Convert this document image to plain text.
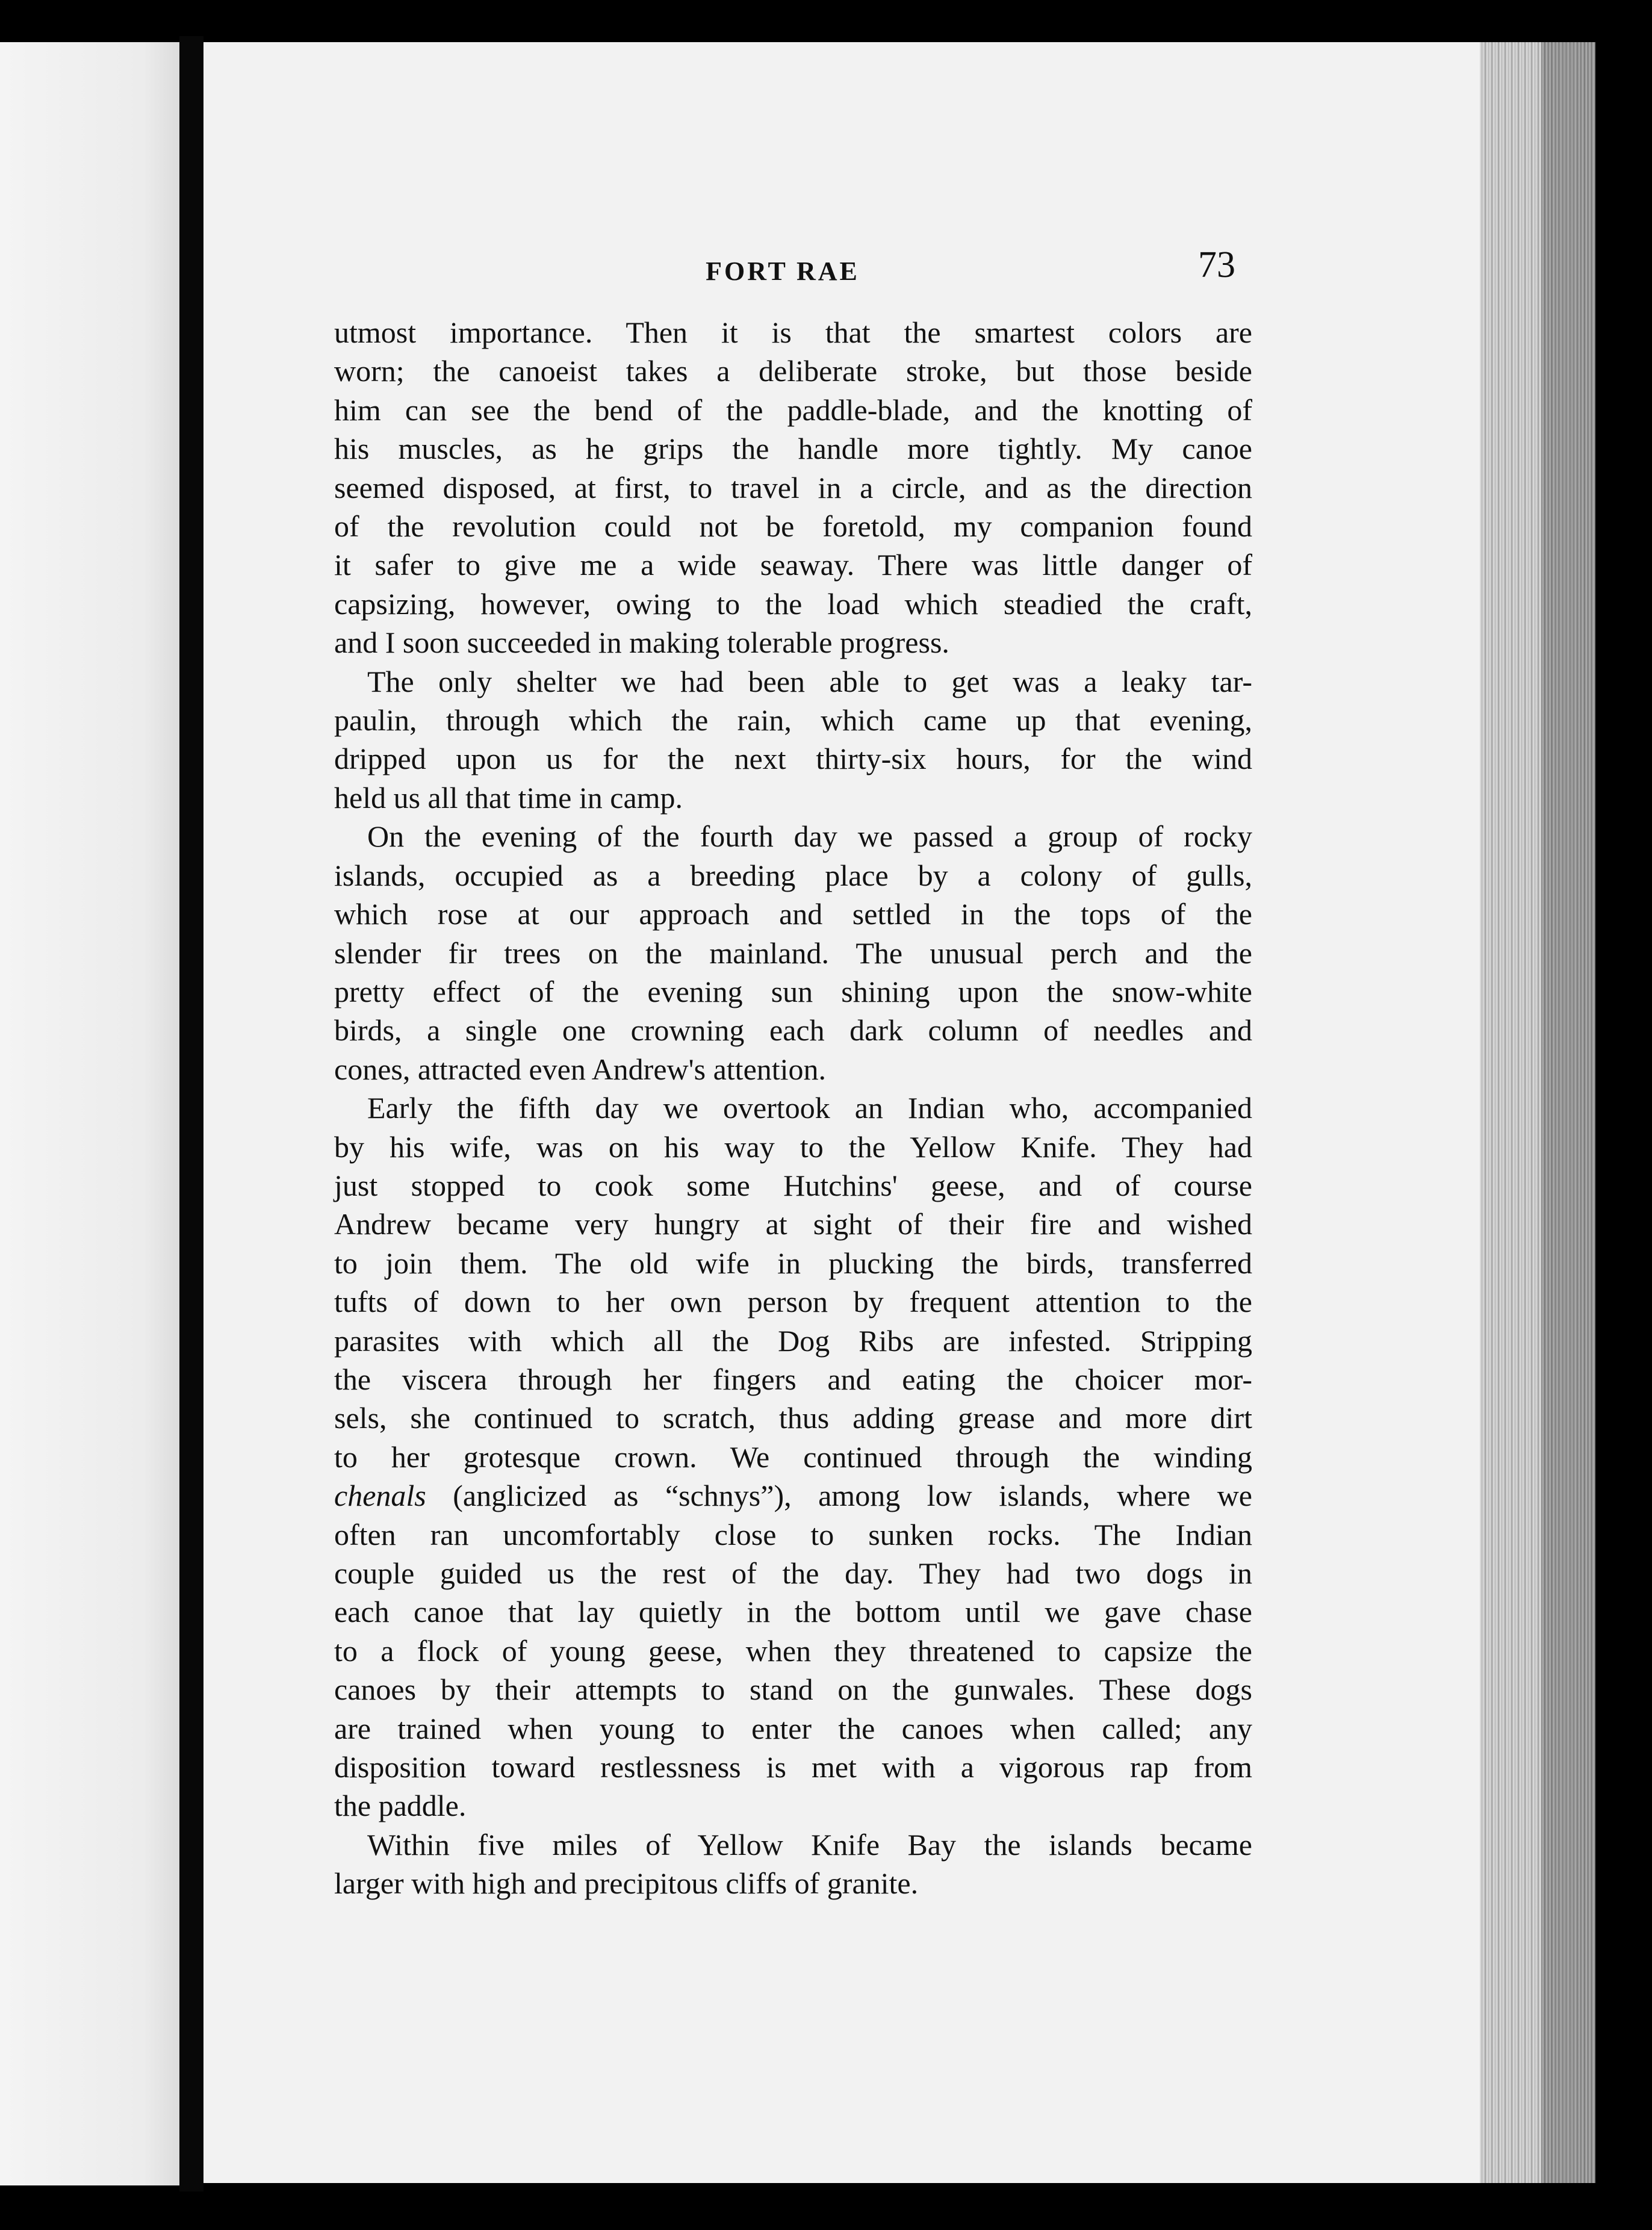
FORT RAE	73
utmost importance. Then it is that the smartest colors are
worn; the canoeist takes a deliberate stroke, but those beside
him can see the bend of the paddle-blade, and the knotting of
his muscles, as he grips the handle more tightly. My canoe
seemed disposed, at first, to travel in a circle, and as the direction
of the revolution could not be foretold, my companion found
it safer to give me a wide seaway. There was little danger of
capsizing, however, owing to the load which steadied the craft,
and I soon succeeded in making tolerable progress.
The only shelter we had been able to get was a leaky tar-
paulin, through which the rain, which came up that evening,
dripped upon us for the next thirty-six hours, for the wind
held us all that time in camp.
On the evening of the fourth day we passed a group of rocky
islands, occupied as a breeding place by a colony of gulls,
which rose at our approach and settled in the tops of the
slender fir trees on the mainland. The unusual perch and the
pretty effect of the evening sun shining upon the snow-white
birds, a single one crowning each dark column of needles and
cones, attracted even Andrew's attention.
Early the fifth day we overtook an Indian who, accompanied
by his wife, was on his way to the Yellow Knife. They had
just stopped to cook some Hutchins' geese, and of course
Andrew became very hungry at sight of their fire and wished
to join them. The old wife in plucking the birds, transferred
tufts of down to her own person by frequent attention to the
parasites with which all the Dog Ribs are infested. Stripping
the viscera through her fingers and eating the choicer mor-
sels, she continued to scratch, thus adding grease and more dirt
to her grotesque crown. We continued through the winding
chenals (anglicized as “schnys”), among low islands, where we
often ran uncomfortably close to sunken rocks. The Indian
couple guided us the rest of the day. They had two dogs in
each canoe that lay quietly in the bottom until we gave chase
to a flock of young geese, when they threatened to capsize the
canoes by their attempts to stand on the gunwales. These dogs
are trained when young to enter the canoes when called; any
disposition toward restlessness is met with a vigorous rap from
the paddle.
Within five miles of Yellow Knife Bay the islands became
larger with high and precipitous cliffs of granite.
